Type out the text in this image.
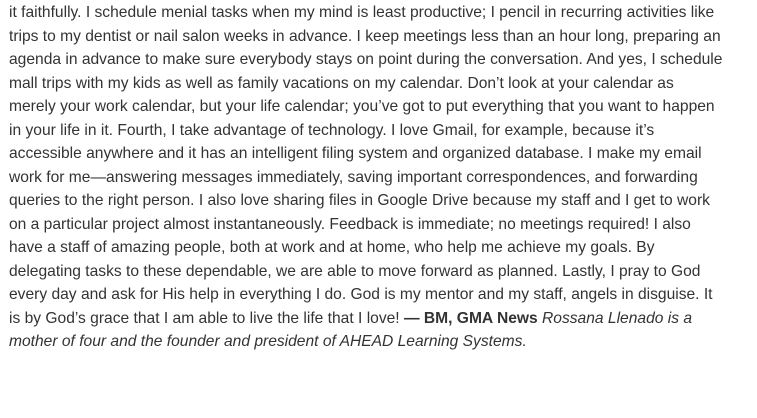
it faithfully. I schedule menial tasks when my mind is least productive; I pencil in recurring activities like trips to my dentist or nail salon weeks in advance. I keep meetings less than an hour long, preparing an agenda in advance to make sure everybody stays on point during the conversation. And yes, I schedule mall trips with my kids as well as family vacations on my calendar. Don’t look at your calendar as merely your work calendar, but your life calendar; you’ve got to put everything that you want to happen in your life in it. Fourth, I take advantage of technology. I love Gmail, for example, because it’s accessible anywhere and it has an intelligent filing system and organized database. I make my email work for me—answering messages immediately, saving important correspondences, and forwarding queries to the right person. I also love sharing files in Google Drive because my staff and I get to work on a particular project almost instantaneously. Feedback is immediate; no meetings required! I also have a staff of amazing people, both at work and at home, who help me achieve my goals. By delegating tasks to these dependable, we are able to move forward as planned. Lastly, I pray to God every day and ask for His help in everything I do. God is my mentor and my staff, angels in disguise. It is by God’s grace that I am able to live the life that I love! — BM, GMA News Rossana Llenado is a mother of four and the founder and president of AHEAD Learning Systems.
